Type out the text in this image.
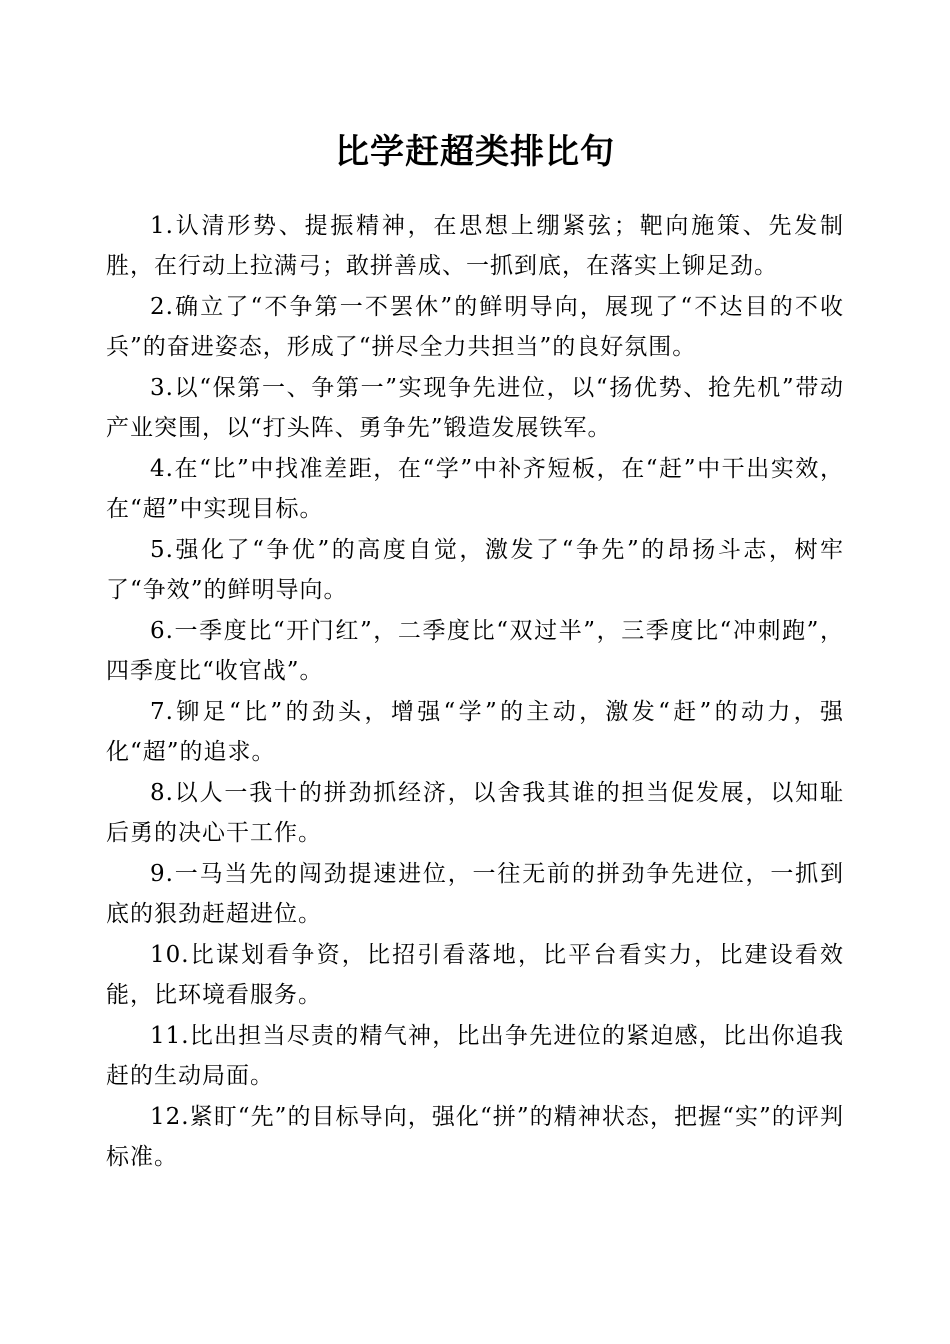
比学赶超类排比句

1.认清形势、提振精神，在思想上绷紧弦；靶向施策、先发制胜，在行动上拉满弓；敢拼善成、一抓到底，在落实上铆足劲。

2.确立了“不争第一不罢休”的鲜明导向，展现了“不达目的不收兵”的奋进姿态，形成了“拼尽全力共担当”的良好氛围。

3.以“保第一、争第一”实现争先进位，以“扬优势、抢先机”带动产业突围，以“打头阵、勇争先”锻造发展铁军。

4.在“比”中找准差距，在“学”中补齐短板，在“赶”中干出实效，在“超”中实现目标。

5.强化了“争优”的高度自觉，激发了“争先”的昂扬斗志，树牢了“争效”的鲜明导向。

6.一季度比“开门红”，二季度比“双过半”，三季度比“冲刺跑”，四季度比“收官战”。

7.铆足“比”的劲头，增强“学”的主动，激发“赶”的动力，强化“超”的追求。

8.以人一我十的拼劲抓经济，以舍我其谁的担当促发展，以知耻后勇的决心干工作。

9.一马当先的闯劲提速进位，一往无前的拼劲争先进位，一抓到底的狠劲赶超进位。

10.比谋划看争资，比招引看落地，比平台看实力，比建设看效能，比环境看服务。

11.比出担当尽责的精气神，比出争先进位的紧迫感，比出你追我赶的生动局面。

12.紧盯“先”的目标导向，强化“拼”的精神状态，把握“实”的评判标准。
